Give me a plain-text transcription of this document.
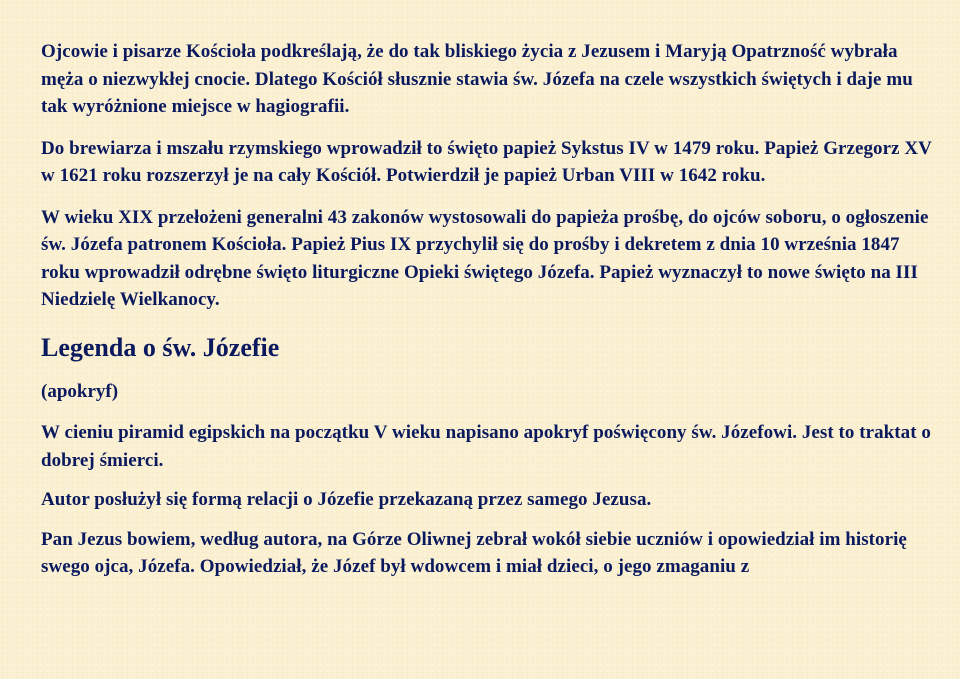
Ojcowie i pisarze Kościoła podkreślają, że do tak bliskiego życia z Jezusem i Maryją Opatrzność wybrała męża o niezwykłej cnocie. Dlatego Kościół słusznie stawia św. Józefa na czele wszystkich świętych i daje mu tak wyróżnione miejsce w hagiografii.

Do brewiarza i mszału rzymskiego wprowadził to święto papież Sykstus IV w 1479 roku. Papież Grzegorz XV w 1621 roku rozszerzył je na cały Kościół. Potwierdził je papież Urban VIII w 1642 roku.

W wieku XIX przełożeni generalni 43 zakonów wystosowali do papieża prośbę, do ojców soboru, o ogłoszenie św. Józefa patronem Kościoła. Papież Pius IX przychylił się do prośby i dekretem z dnia 10 września 1847 roku wprowadził odrębne święto liturgiczne Opieki świętego Józefa. Papież wyznaczył to nowe święto na III Niedzielę Wielkanocy.

Legenda o św. Józefie

(apokryf)

W cieniu piramid egipskich na początku V wieku napisano apokryf poświęcony św. Józefowi. Jest to traktat o dobrej śmierci.

Autor posłużył się formą relacji o Józefie przekazaną przez samego Jezusa.

Pan Jezus bowiem, według autora, na Górze Oliwnej zebrał wokół siebie uczniów i opowiedział im historię swego ojca, Józefa. Opowiedział, że Józef był wdowcem i miał dzieci, o jego zmaganiu z
